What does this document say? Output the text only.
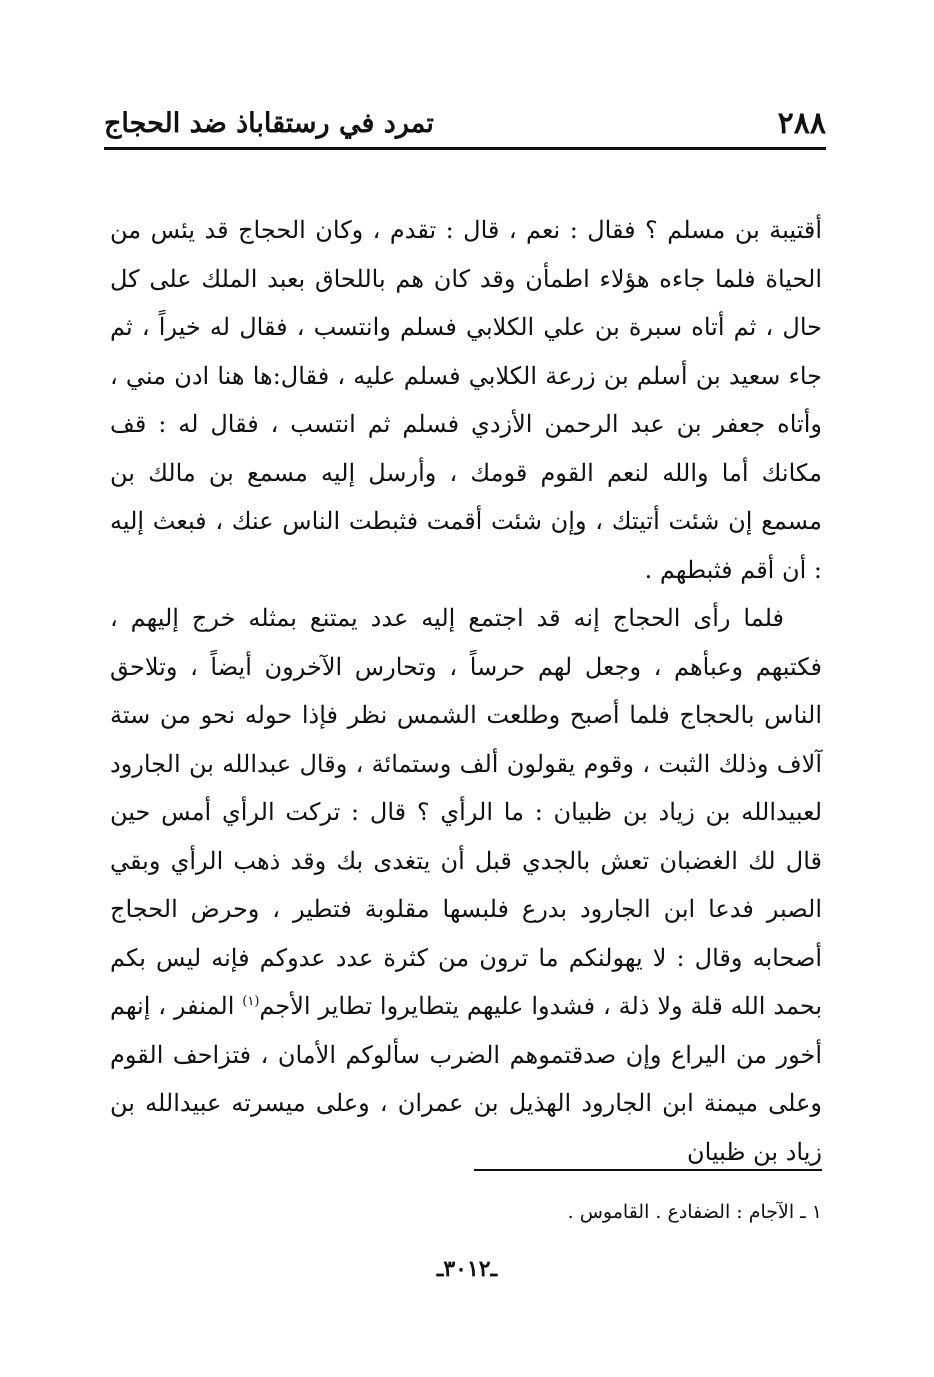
٢٨٨
تمرد في رستقاباذ ضد الحجاج

أقتيبة بن مسلم ؟ فقال : نعم ، قال : تقدم ، وكان الحجاج قد يئس من الحياة فلما جاءه هؤلاء اطمأن وقد كان هم باللحاق بعبد الملك على كل حال ، ثم أتاه سبرة بن علي الكلابي فسلم وانتسب ، فقال له خيراً ، ثم جاء سعيد بن أسلم بن زرعة الكلابي فسلم عليه ، فقال:ها هنا ادن مني ، وأتاه جعفر بن عبد الرحمن الأزدي فسلم ثم انتسب ، فقال له : قف مكانك أما والله لنعم القوم قومك ، وأرسل إليه مسمع بن مالك بن مسمع إن شئت أتيتك ، وإن شئت أقمت فثبطت الناس عنك ، فبعث إليه : أن أقم فثبطهم .

فلما رأى الحجاج إنه قد اجتمع إليه عدد يمتنع بمثله خرج إليهم ، فكتبهم وعبأهم ، وجعل لهم حرساً ، وتحارس الآخرون أيضاً ، وتلاحق الناس بالحجاج فلما أصبح وطلعت الشمس نظر فإذا حوله نحو من ستة آلاف وذلك الثبت ، وقوم يقولون ألف وستمائة ، وقال عبدالله بن الجارود لعبيدالله بن زياد بن ظبيان : ما الرأي ؟ قال : تركت الرأي أمس حين قال لك الغضبان تعش بالجدي قبل أن يتغدى بك وقد ذهب الرأي وبقي الصبر فدعا ابن الجارود بدرع فلبسها مقلوبة فتطير ، وحرض الحجاج أصحابه وقال : لا يهولنكم ما ترون من كثرة عدد عدوكم فإنه ليس بكم بحمد الله قلة ولا ذلة ، فشدوا عليهم يتطايروا تطاير الأجم$^{(١)}$ المنفر ، إنهم أخور من اليراع وإن صدقتموهم الضرب سألوكم الأمان ، فتزاحف القوم وعلى ميمنة ابن الجارود الهذيل بن عمران ، وعلى ميسرته عبيدالله بن زياد بن ظبيان

١ ـ الآجام : الضفادع . القاموس .
ـ٣٠١٢ـ
